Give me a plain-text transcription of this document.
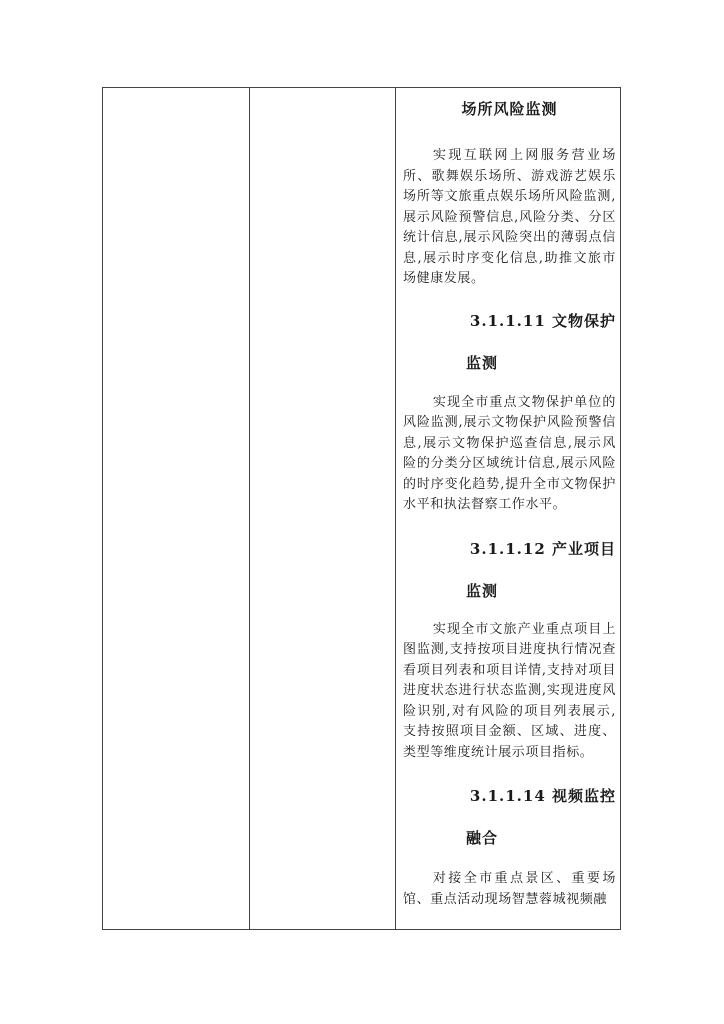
场所风险监测

实现互联网上网服务营业场所、歌舞娱乐场所、游戏游艺娱乐场所等文旅重点娱乐场所风险监测,展示风险预警信息,风险分类、分区统计信息,展示风险突出的薄弱点信息,展示时序变化信息,助推文旅市场健康发展。

3.1.1.11 文物保护

监测

实现全市重点文物保护单位的风险监测,展示文物保护风险预警信息,展示文物保护巡查信息,展示风险的分类分区域统计信息,展示风险的时序变化趋势,提升全市文物保护水平和执法督察工作水平。

3.1.1.12 产业项目

监测

实现全市文旅产业重点项目上图监测,支持按项目进度执行情况查看项目列表和项目详情,支持对项目进度状态进行状态监测,实现进度风险识别,对有风险的项目列表展示,支持按照项目金额、区域、进度、类型等维度统计展示项目指标。

3.1.1.14 视频监控

融合

对接全市重点景区、重要场馆、重点活动现场智慧蓉城视频融
